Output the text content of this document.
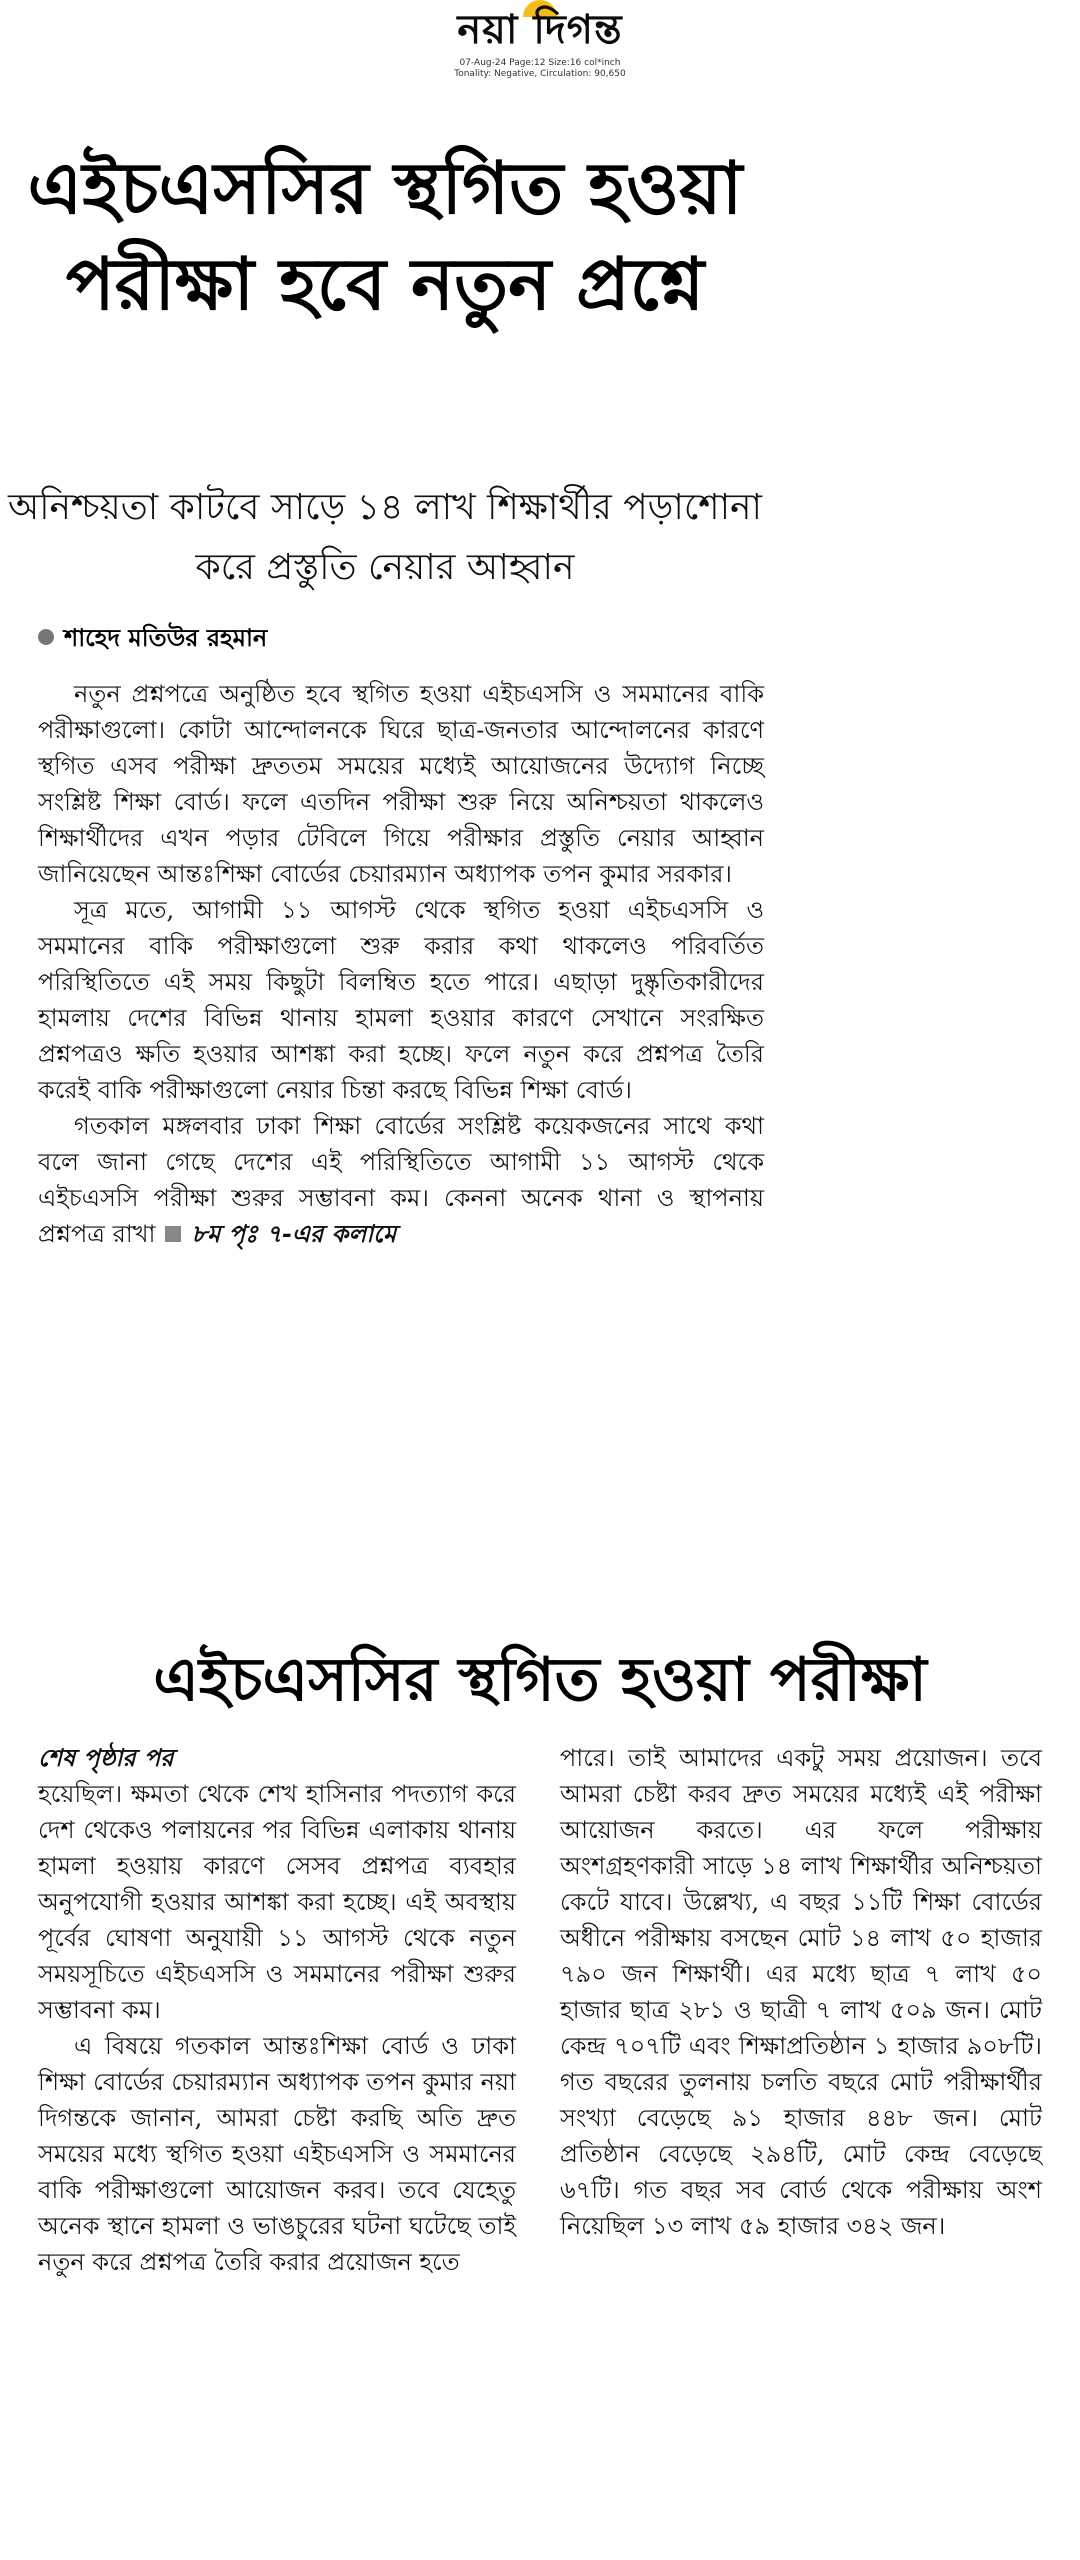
নয়া দিগন্ত
07-Aug-24 Page:12 Size:16 col*inch
Tonality: Negative, Circulation: 90,650
এইচএসসির স্থগিত হওয়া পরীক্ষা হবে নতুন প্রশ্নে
অনিশ্চয়তা কাটবে সাড়ে ১৪ লাখ শিক্ষার্থীর পড়াশোনা করে প্রস্তুতি নেয়ার আহ্বান
শাহেদ মতিউর রহমান

নতুন প্রশ্নপত্রে অনুষ্ঠিত হবে স্থগিত হওয়া এইচএসসি ও সমমানের বাকি পরীক্ষাগুলো। কোটা আন্দোলনকে ঘিরে ছাত্র-জনতার আন্দোলনের কারণে স্থগিত এসব পরীক্ষা দ্রুততম সময়ের মধ্যেই আয়োজনের উদ্যোগ নিচ্ছে সংশ্লিষ্ট শিক্ষা বোর্ড। ফলে এতদিন পরীক্ষা শুরু নিয়ে অনিশ্চয়তা থাকলেও শিক্ষার্থীদের এখন পড়ার টেবিলে গিয়ে পরীক্ষার প্রস্তুতি নেয়ার আহ্বান জানিয়েছেন আন্তঃশিক্ষা বোর্ডের চেয়ারম্যান অধ্যাপক তপন কুমার সরকার।

সূত্র মতে, আগামী ১১ আগস্ট থেকে স্থগিত হওয়া এইচএসসি ও সমমানের বাকি পরীক্ষাগুলো শুরু করার কথা থাকলেও পরিবর্তিত পরিস্থিতিতে এই সময় কিছুটা বিলম্বিত হতে পারে। এছাড়া দুষ্কৃতিকারীদের হামলায় দেশের বিভিন্ন থানায় হামলা হওয়ার কারণে সেখানে সংরক্ষিত প্রশ্নপত্রও ক্ষতি হওয়ার আশঙ্কা করা হচ্ছে। ফলে নতুন করে প্রশ্নপত্র তৈরি করেই বাকি পরীক্ষাগুলো নেয়ার চিন্তা করছে বিভিন্ন শিক্ষা বোর্ড।

গতকাল মঙ্গলবার ঢাকা শিক্ষা বোর্ডের সংশ্লিষ্ট কয়েকজনের সাথে কথা বলে জানা গেছে দেশের এই পরিস্থিতিতে আগামী ১১ আগস্ট থেকে এইচএসসি পরীক্ষা শুরুর সম্ভাবনা কম। কেননা অনেক থানা ও স্থাপনায় প্রশ্নপত্র রাখা ৮ম পৃঃ ৭-এর কলামে

এইচএসসির স্থগিত হওয়া পরীক্ষা

শেষ পৃষ্ঠার পর

হয়েছিল। ক্ষমতা থেকে শেখ হাসিনার পদত্যাগ করে দেশ থেকেও পলায়নের পর বিভিন্ন এলাকায় থানায় হামলা হওয়ায় কারণে সেসব প্রশ্নপত্র ব্যবহার অনুপযোগী হওয়ার আশঙ্কা করা হচ্ছে। এই অবস্থায় পূর্বের ঘোষণা অনুযায়ী ১১ আগস্ট থেকে নতুন সময়সূচিতে এইচএসসি ও সমমানের পরীক্ষা শুরুর সম্ভাবনা কম।

এ বিষয়ে গতকাল আন্তঃশিক্ষা বোর্ড ও ঢাকা শিক্ষা বোর্ডের চেয়ারম্যান অধ্যাপক তপন কুমার নয়া দিগন্তকে জানান, আমরা চেষ্টা করছি অতি দ্রুত সময়ের মধ্যে স্থগিত হওয়া এইচএসসি ও সমমানের বাকি পরীক্ষাগুলো আয়োজন করব। তবে যেহেতু অনেক স্থানে হামলা ও ভাঙচুরের ঘটনা ঘটেছে তাই নতুন করে প্রশ্নপত্র তৈরি করার প্রয়োজন হতে

পারে। তাই আমাদের একটু সময় প্রয়োজন। তবে আমরা চেষ্টা করব দ্রুত সময়ের মধ্যেই এই পরীক্ষা আয়োজন করতে। এর ফলে পরীক্ষায় অংশগ্রহণকারী সাড়ে ১৪ লাখ শিক্ষার্থীর অনিশ্চয়তা কেটে যাবে। উল্লেখ্য, এ বছর ১১টি শিক্ষা বোর্ডের অধীনে পরীক্ষায় বসছেন মোট ১৪ লাখ ৫০ হাজার ৭৯০ জন শিক্ষার্থী। এর মধ্যে ছাত্র ৭ লাখ ৫০ হাজার ছাত্র ২৮১ ও ছাত্রী ৭ লাখ ৫০৯ জন। মোট কেন্দ্র ৭০৭টি এবং শিক্ষাপ্রতিষ্ঠান ১ হাজার ৯০৮টি। গত বছরের তুলনায় চলতি বছরে মোট পরীক্ষার্থীর সংখ্যা বেড়েছে ৯১ হাজার ৪৪৮ জন। মোট প্রতিষ্ঠান বেড়েছে ২৯৪টি, মোট কেন্দ্র বেড়েছে ৬৭টি। গত বছর সব বোর্ড থেকে পরীক্ষায় অংশ নিয়েছিল ১৩ লাখ ৫৯ হাজার ৩৪২ জন।
